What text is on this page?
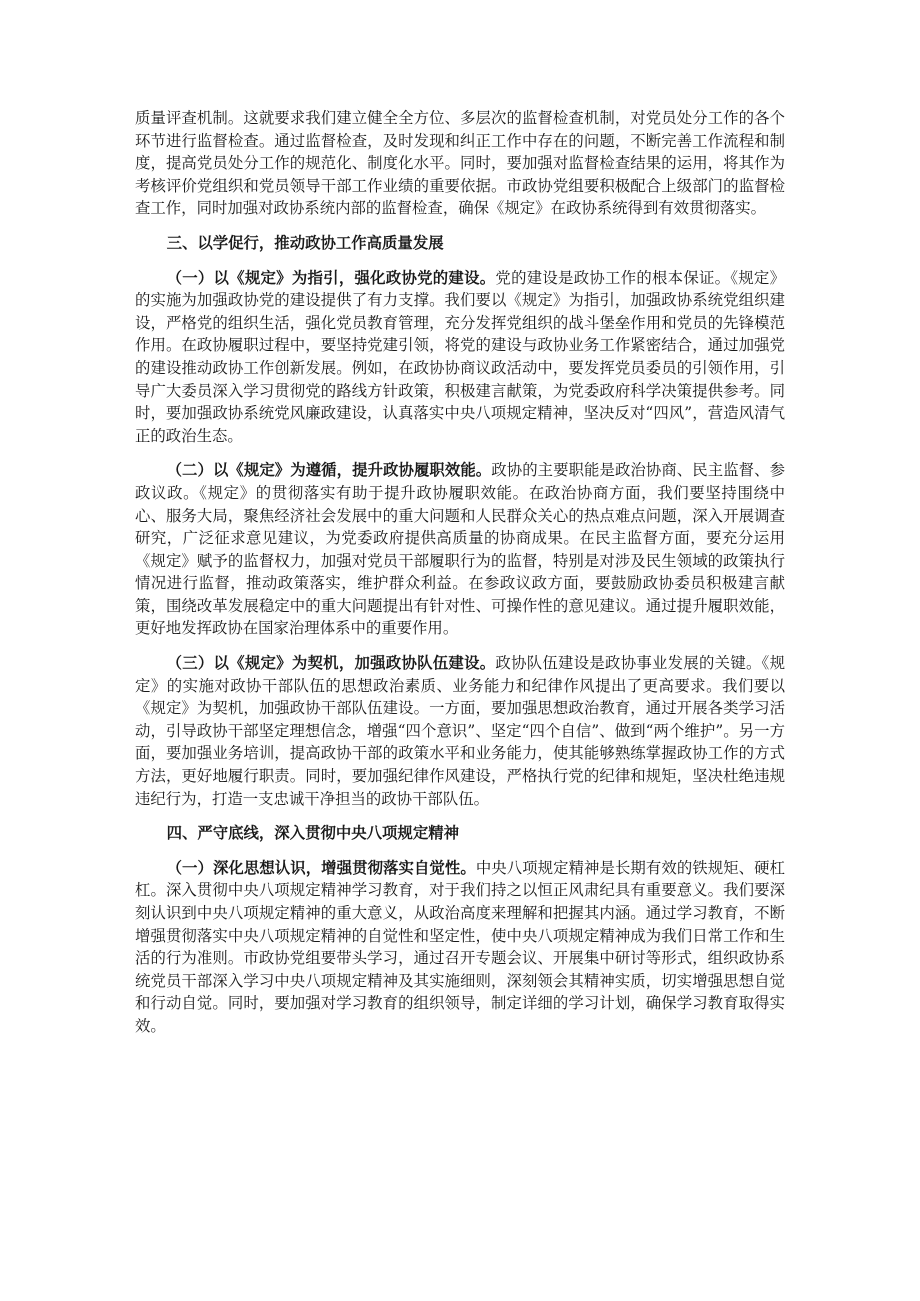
质量评查机制。这就要求我们建立健全全方位、多层次的监督检查机制，对党员处分工作的各个环节进行监督检查。通过监督检查，及时发现和纠正工作中存在的问题，不断完善工作流程和制度，提高党员处分工作的规范化、制度化水平。同时，要加强对监督检查结果的运用，将其作为考核评价党组织和党员领导干部工作业绩的重要依据。市政协党组要积极配合上级部门的监督检查工作，同时加强对政协系统内部的监督检查，确保《规定》在政协系统得到有效贯彻落实。

三、以学促行，推动政协工作高质量发展

（一）以《规定》为指引，强化政协党的建设。党的建设是政协工作的根本保证。《规定》的实施为加强政协党的建设提供了有力支撑。我们要以《规定》为指引，加强政协系统党组织建设，严格党的组织生活，强化党员教育管理，充分发挥党组织的战斗堡垒作用和党员的先锋模范作用。在政协履职过程中，要坚持党建引领，将党的建设与政协业务工作紧密结合，通过加强党的建设推动政协工作创新发展。例如，在政协协商议政活动中，要发挥党员委员的引领作用，引导广大委员深入学习贯彻党的路线方针政策，积极建言献策，为党委政府科学决策提供参考。同时，要加强政协系统党风廉政建设，认真落实中央八项规定精神，坚决反对“四风”，营造风清气正的政治生态。

（二）以《规定》为遵循，提升政协履职效能。政协的主要职能是政治协商、民主监督、参政议政。《规定》的贯彻落实有助于提升政协履职效能。在政治协商方面，我们要坚持围绕中心、服务大局，聚焦经济社会发展中的重大问题和人民群众关心的热点难点问题，深入开展调查研究，广泛征求意见建议，为党委政府提供高质量的协商成果。在民主监督方面，要充分运用《规定》赋予的监督权力，加强对党员干部履职行为的监督，特别是对涉及民生领域的政策执行情况进行监督，推动政策落实，维护群众利益。在参政议政方面，要鼓励政协委员积极建言献策，围绕改革发展稳定中的重大问题提出有针对性、可操作性的意见建议。通过提升履职效能，更好地发挥政协在国家治理体系中的重要作用。

（三）以《规定》为契机，加强政协队伍建设。政协队伍建设是政协事业发展的关键。《规定》的实施对政协干部队伍的思想政治素质、业务能力和纪律作风提出了更高要求。我们要以《规定》为契机，加强政协干部队伍建设。一方面，要加强思想政治教育，通过开展各类学习活动，引导政协干部坚定理想信念，增强“四个意识”、坚定“四个自信”、做到“两个维护”。另一方面，要加强业务培训，提高政协干部的政策水平和业务能力，使其能够熟练掌握政协工作的方式方法，更好地履行职责。同时，要加强纪律作风建设，严格执行党的纪律和规矩，坚决杜绝违规违纪行为，打造一支忠诚干净担当的政协干部队伍。

四、严守底线，深入贯彻中央八项规定精神

（一）深化思想认识，增强贯彻落实自觉性。中央八项规定精神是长期有效的铁规矩、硬杠杠。深入贯彻中央八项规定精神学习教育，对于我们持之以恒正风肃纪具有重要意义。我们要深刻认识到中央八项规定精神的重大意义，从政治高度来理解和把握其内涵。通过学习教育，不断增强贯彻落实中央八项规定精神的自觉性和坚定性，使中央八项规定精神成为我们日常工作和生活的行为准则。市政协党组要带头学习，通过召开专题会议、开展集中研讨等形式，组织政协系统党员干部深入学习中央八项规定精神及其实施细则，深刻领会其精神实质，切实增强思想自觉和行动自觉。同时，要加强对学习教育的组织领导，制定详细的学习计划，确保学习教育取得实效。
